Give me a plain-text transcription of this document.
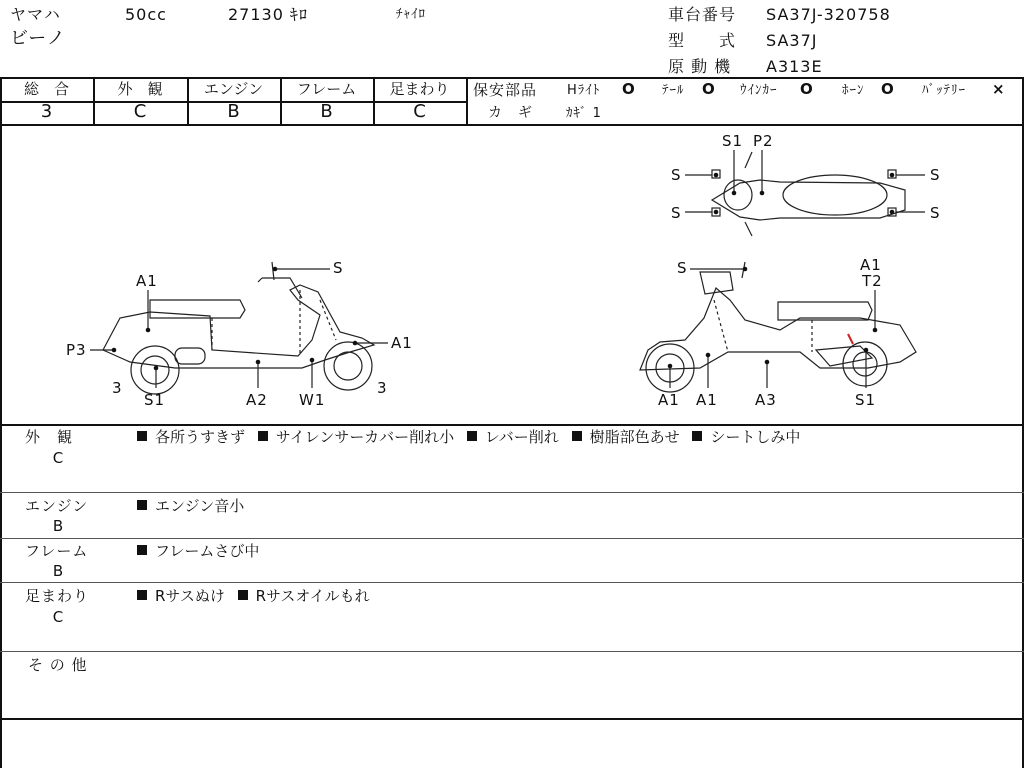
ヤマハ	50cc	27130 ｷﾛ	ﾁｬｲﾛ
ビーノ
車台番号 SA37J-320758
型　　式 SA37J
原 動 機 A313E
総　合
3
外　観
C
エンジン
B
フレーム
B
足まわり
C
保安部品 Hﾗｲﾄ O ﾃｰﾙ O ｳｲﾝｶｰ O ﾎｰﾝ O ﾊﾞｯﾃﾘｰ ×
カ　ギ	ｶｷﾞ 1
S1 P2
S
S
S
S
A1
S
P3	A1
3	3
S1	A2 W1
S	A1
T2
A1 A1 A3	S1
外　観
C
各所うすきず サイレンサーカバー削れ小 レバー削れ 樹脂部色あせ シートしみ中
エンジン
B
エンジン音小
フレーム
B
フレームさび中
足まわり
C
Rサスぬけ Rサスオイルもれ
そ の 他
